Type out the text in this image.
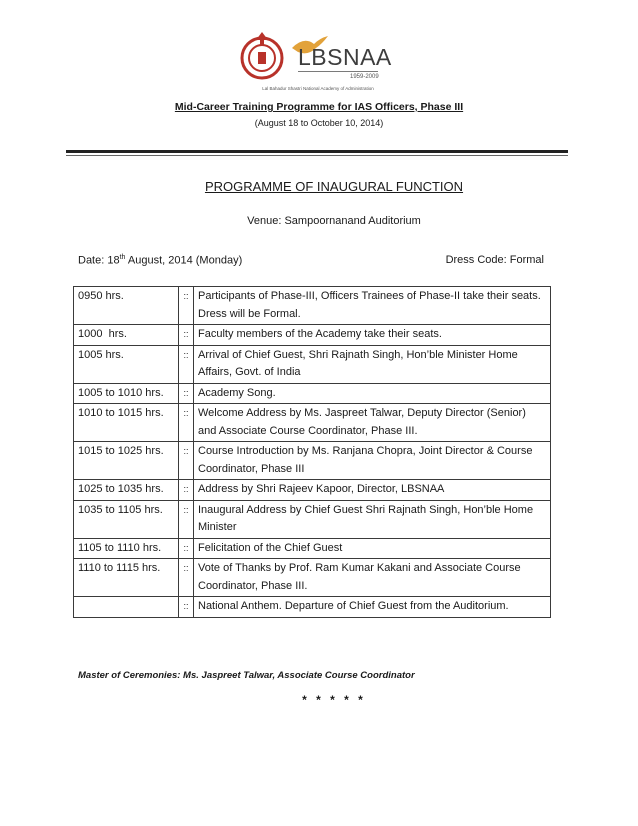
LBSNAA
1959-2009
Lal Bahadur Shastri National Academy of Administration
Mid-Career Training Programme for IAS Officers, Phase III
(August 18 to October 10, 2014)
PROGRAMME OF INAUGURAL FUNCTION
Venue: Sampoornanand Auditorium
Date: 18th August, 2014 (Monday)	Dress Code: Formal
0950 hrs.	::	Participants of Phase-III, Officers Trainees of Phase-II take their seats. Dress will be Formal.
1000  hrs.	::	Faculty members of the Academy take their seats.
1005 hrs.	::	Arrival of Chief Guest, Shri Rajnath Singh, Hon’ble Minister Home Affairs, Govt. of India
1005 to 1010 hrs.	::	Academy Song.
1010 to 1015 hrs.	::	Welcome Address by Ms. Jaspreet Talwar, Deputy Director (Senior) and Associate Course Coordinator, Phase III.
1015 to 1025 hrs.	::	Course Introduction by Ms. Ranjana Chopra, Joint Director & Course Coordinator, Phase III
1025 to 1035 hrs.	::	Address by Shri Rajeev Kapoor, Director, LBSNAA
1035 to 1105 hrs.	::	Inaugural Address by Chief Guest Shri Rajnath Singh, Hon’ble Home Minister
1105 to 1110 hrs.	::	Felicitation of the Chief Guest
1110 to 1115 hrs.	::	Vote of Thanks by Prof. Ram Kumar Kakani and Associate Course Coordinator, Phase III.
	::	National Anthem. Departure of Chief Guest from the Auditorium.
Master of Ceremonies: Ms. Jaspreet Talwar, Associate Course Coordinator
* * * * *
